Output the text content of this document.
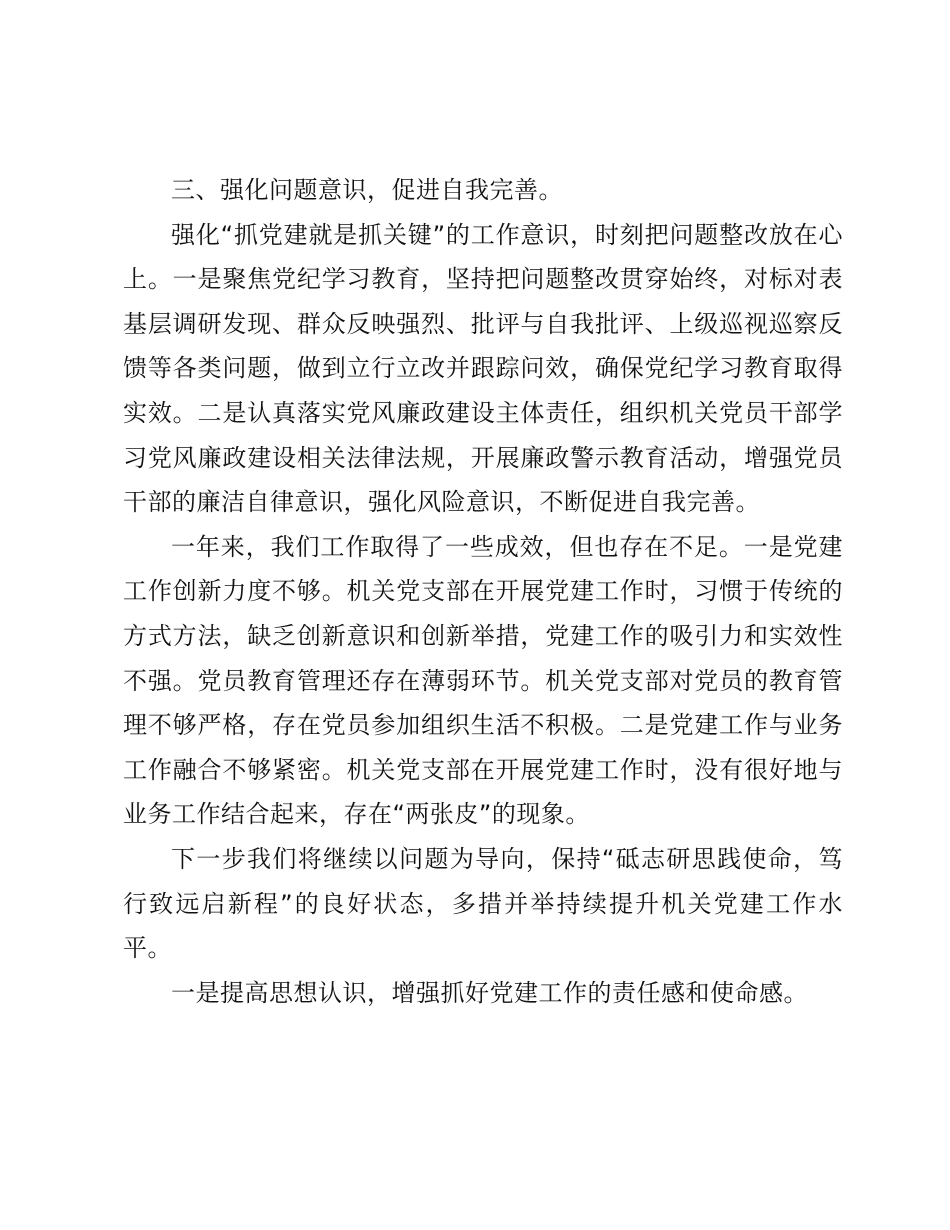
三、强化问题意识，促进自我完善。

强化“抓党建就是抓关键”的工作意识，时刻把问题整改放在心上。一是聚焦党纪学习教育，坚持把问题整改贯穿始终，对标对表基层调研发现、群众反映强烈、批评与自我批评、上级巡视巡察反馈等各类问题，做到立行立改并跟踪问效，确保党纪学习教育取得实效。二是认真落实党风廉政建设主体责任，组织机关党员干部学习党风廉政建设相关法律法规，开展廉政警示教育活动，增强党员干部的廉洁自律意识，强化风险意识，不断促进自我完善。

一年来，我们工作取得了一些成效，但也存在不足。一是党建工作创新力度不够。机关党支部在开展党建工作时，习惯于传统的方式方法，缺乏创新意识和创新举措，党建工作的吸引力和实效性不强。党员教育管理还存在薄弱环节。机关党支部对党员的教育管理不够严格，存在党员参加组织生活不积极。二是党建工作与业务工作融合不够紧密。机关党支部在开展党建工作时，没有很好地与业务工作结合起来，存在“两张皮”的现象。

下一步我们将继续以问题为导向，保持“砥志研思践使命，笃行致远启新程”的良好状态，多措并举持续提升机关党建工作水平。

一是提高思想认识，增强抓好党建工作的责任感和使命感。
